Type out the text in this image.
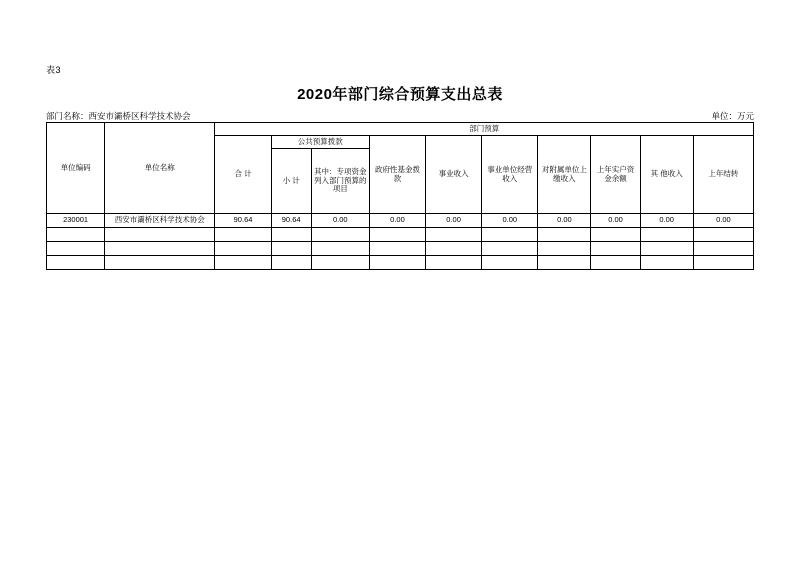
表3
2020年部门综合预算支出总表
部门名称：西安市灞桥区科学技术协会	单位：万元
单位编码	单位名称	部门预算									
		合 计	公共预算拨款		政府性基金拨款	事业收入	事业单位经营收入	对附属单位上缴收入	上年实户资金余额	其 他收入	上年结转
			小 计	其中：专项资金列入部门预算的项目							
230001	西安市灞桥区科学技术协会	90.64	90.64	0.00	0.00	0.00	0.00	0.00	0.00	0.00	0.00
